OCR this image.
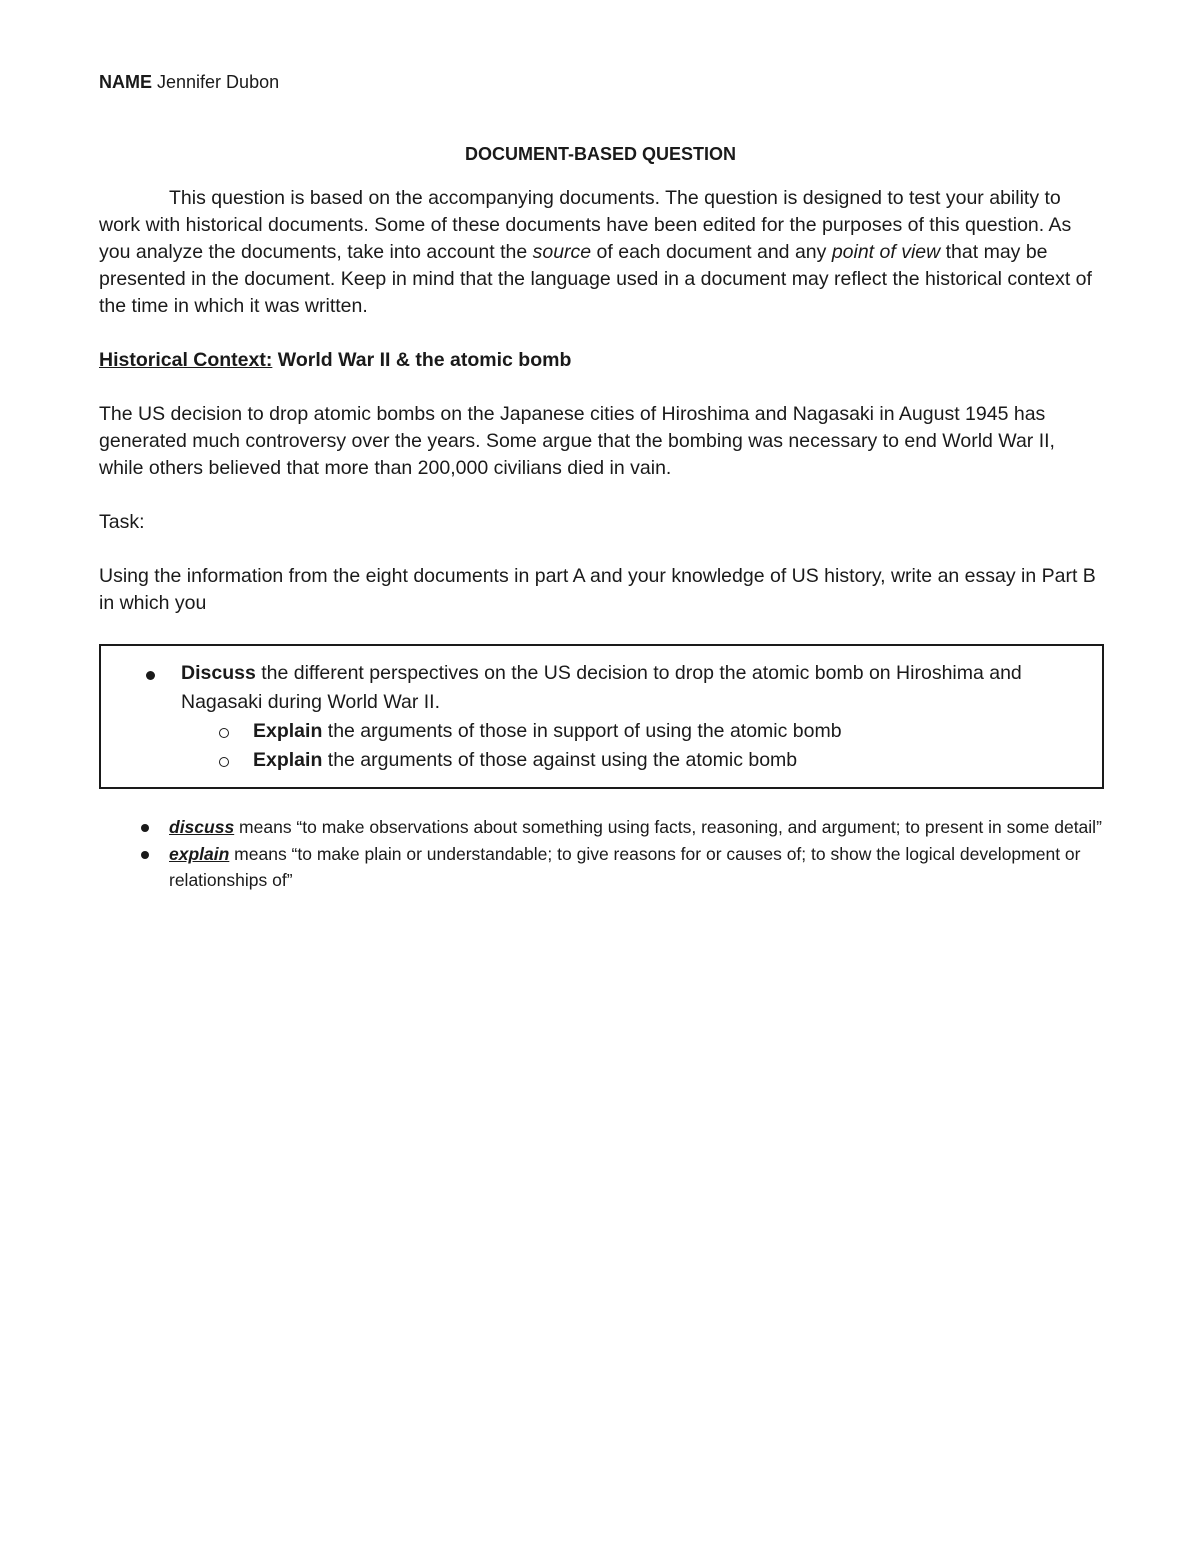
NAME Jennifer Dubon

DOCUMENT-BASED QUESTION

This question is based on the accompanying documents. The question is designed to test your ability to work with historical documents. Some of these documents have been edited for the purposes of this question. As you analyze the documents, take into account the source of each document and any point of view that may be presented in the document. Keep in mind that the language used in a document may reflect the historical context of the time in which it was written.

Historical Context: World War II & the atomic bomb

The US decision to drop atomic bombs on the Japanese cities of Hiroshima and Nagasaki in August 1945 has generated much controversy over the years. Some argue that the bombing was necessary to end World War II, while others believed that more than 200,000 civilians died in vain.

Task:

Using the information from the eight documents in part A and your knowledge of US history, write an essay in Part B in which you

Discuss the different perspectives on the US decision to drop the atomic bomb on Hiroshima and Nagasaki during World War II.
Explain the arguments of those in support of using the atomic bomb
Explain the arguments of those against using the atomic bomb
discuss means “to make observations about something using facts, reasoning, and argument; to present in some detail”
explain means “to make plain or understandable; to give reasons for or causes of; to show the logical development or relationships of”
